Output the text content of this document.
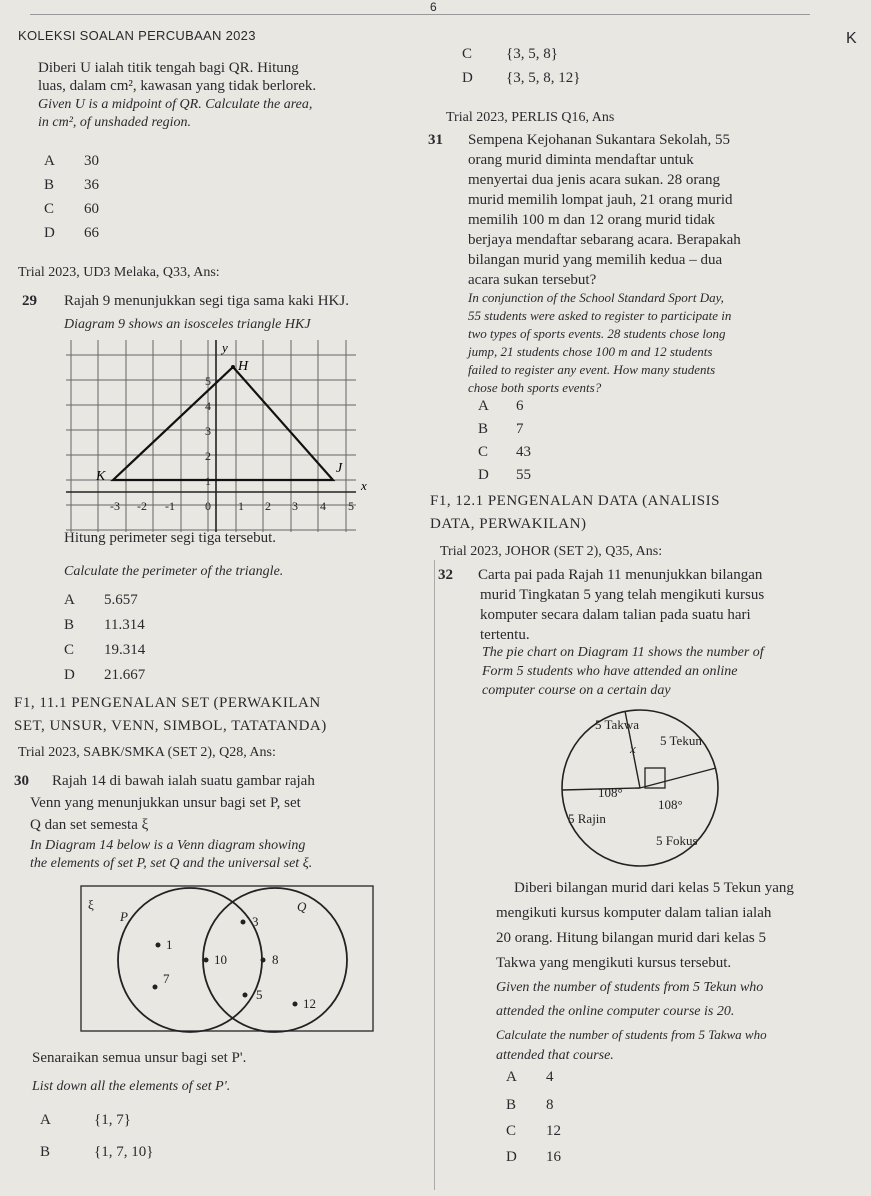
6
K
KOLEKSI SOALAN PERCUBAAN 2023
Diberi U ialah titik tengah bagi QR. Hitung
luas, dalam cm², kawasan yang tidak berlorek.
Given U is a midpoint of QR. Calculate the area,
in cm², of unshaded region.
A 30
B 36
C 60
D 66
C {3, 5, 8}
D {3, 5, 8, 12}
Trial 2023, UD3 Melaka, Q33, Ans:
29 Rajah 9 menunjukkan segi tiga sama kaki HKJ.
Diagram 9 shows an isosceles triangle HKJ
y
x
H
K
J
-3 -2 -1	0 1 2 3 4 5
1
2
3
4
5
Hitung perimeter segi tiga tersebut.
Calculate the perimeter of the triangle.
A 5.657
B 11.314
C 19.314
D 21.667
F1, 11.1 PENGENALAN SET (PERWAKILAN
SET, UNSUR, VENN, SIMBOL, TATATANDA)
Trial 2023, SABK/SMKA (SET 2), Q28, Ans:
30 Rajah 14 di bawah ialah suatu gambar rajah
Venn yang menunjukkan unsur bagi set P, set
Q dan set semesta ξ
In Diagram 14 below is a Venn diagram showing
the elements of set P, set Q and the universal set ξ.
ξ
P
Q
1
10
7
3
8
5
12
Senaraikan semua unsur bagi set P'.
List down all the elements of set P'.
A	{1, 7}
B	{1, 7, 10}
Trial 2023, PERLIS Q16, Ans
31 Sempena Kejohanan Sukantara Sekolah, 55
orang murid diminta mendaftar untuk
menyertai dua jenis acara sukan. 28 orang
murid memilih lompat jauh, 21 orang murid
memilih 100 m dan 12 orang murid tidak
berjaya mendaftar sebarang acara. Berapakah
bilangan murid yang memilih kedua – dua
acara sukan tersebut?
In conjunction of the School Standard Sport Day,
55 students were asked to register to participate in
two types of sports events. 28 students chose long
jump, 21 students chose 100 m and 12 students
failed to register any event. How many students
chose both sports events?
A 6
B 7
C 43
D 55
F1, 12.1 PENGENALAN DATA (ANALISIS
DATA, PERWAKILAN)
Trial 2023, JOHOR (SET 2), Q35, Ans:
32 Carta pai pada Rajah 11 menunjukkan bilangan
murid Tingkatan 5 yang telah mengikuti kursus
komputer secara dalam talian pada suatu hari
tertentu.
The pie chart on Diagram 11 shows the number of
Form 5 students who have attended an online
computer course on a certain day
5 Takwa
5 Tekun
x
108°
5 Rajin
108°
5 Fokus
Diberi bilangan murid dari kelas 5 Tekun yang
mengikuti kursus komputer dalam talian ialah
20 orang. Hitung bilangan murid dari kelas 5
Takwa yang mengikuti kursus tersebut.
Given the number of students from 5 Tekun who
attended the online computer course is 20.
Calculate the number of students from 5 Takwa who
attended that course.
A 4
B 8
C 12
D 16
